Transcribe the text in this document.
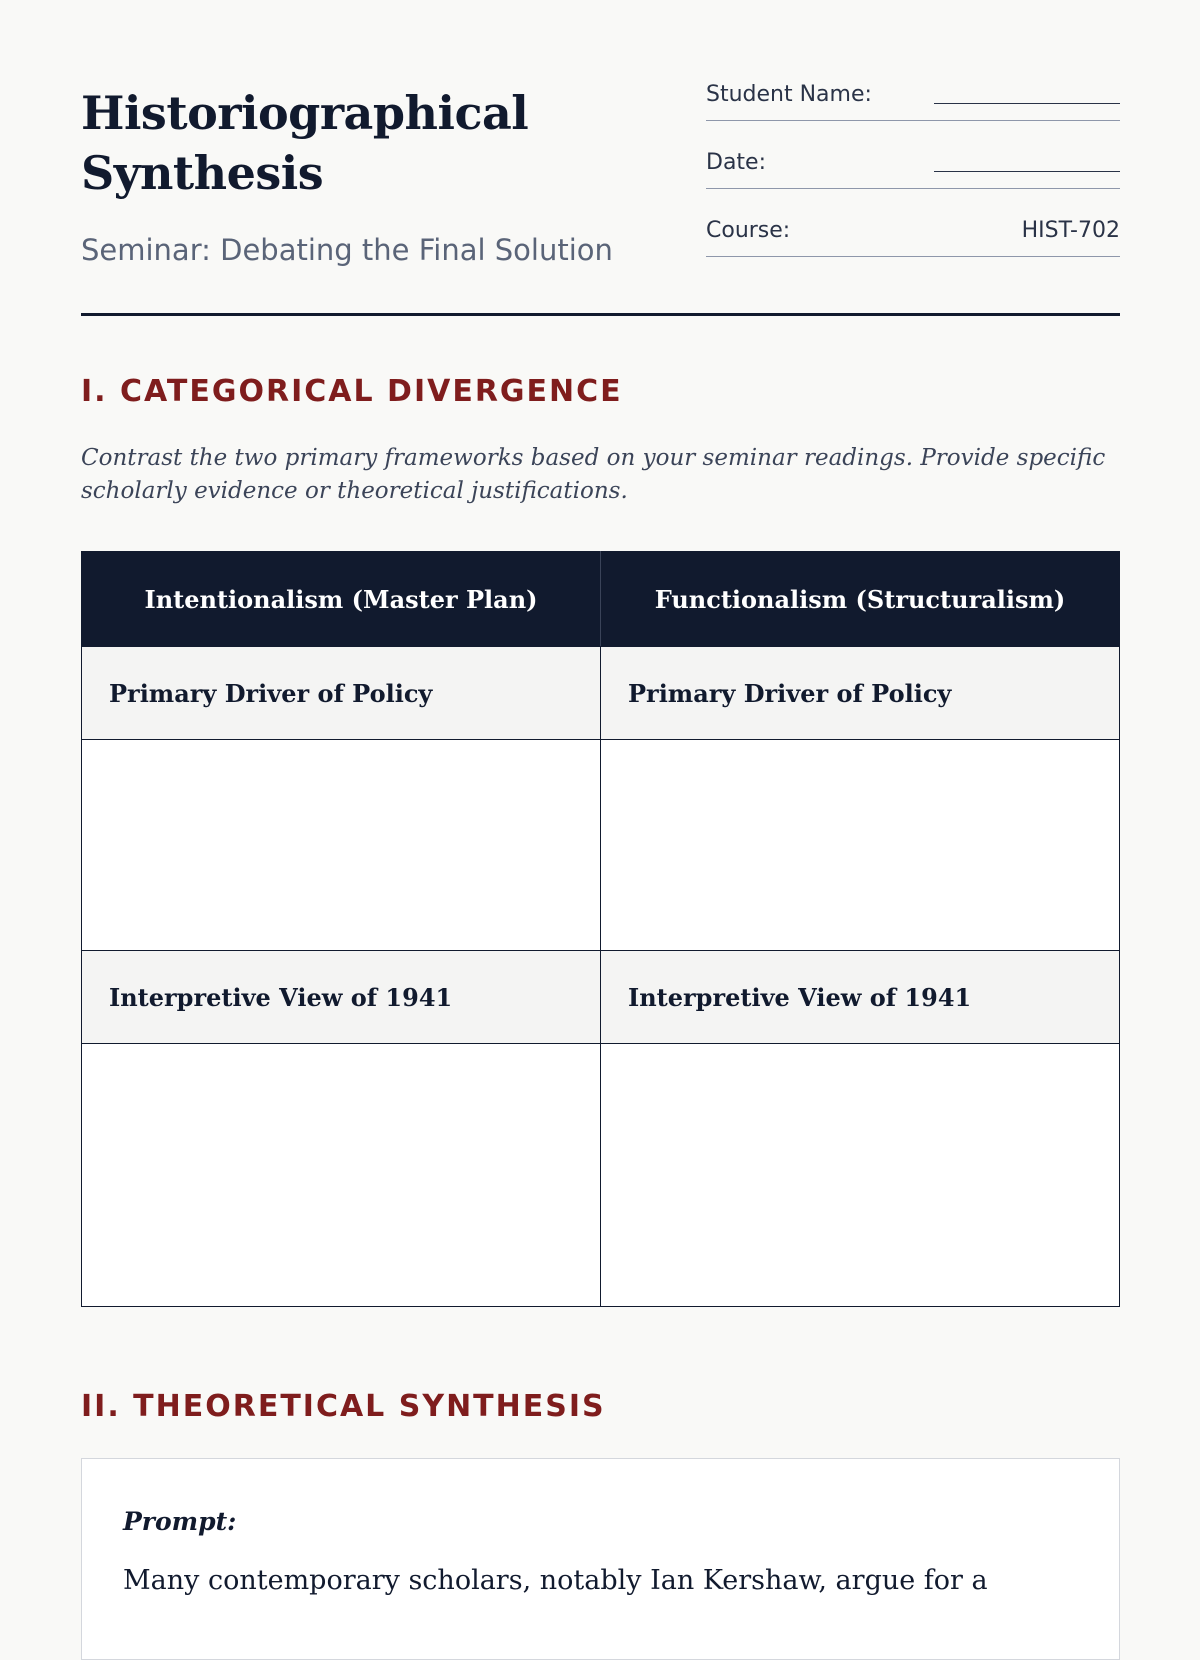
Historiographical Synthesis
Seminar: Debating the Final Solution
Student Name:
Date:
Course:	HIST-702
I. CATEGORICAL DIVERGENCE

Contrast the two primary frameworks based on your seminar readings. Provide specific scholarly evidence or theoretical justifications.

Intentionalism (Master Plan)	Functionalism (Structuralism)
Primary Driver of Policy	Primary Driver of Policy

Interpretive View of 1941	Interpretive View of 1941

II. THEORETICAL SYNTHESIS
Prompt:
Many contemporary scholars, notably Ian Kershaw, argue for a
